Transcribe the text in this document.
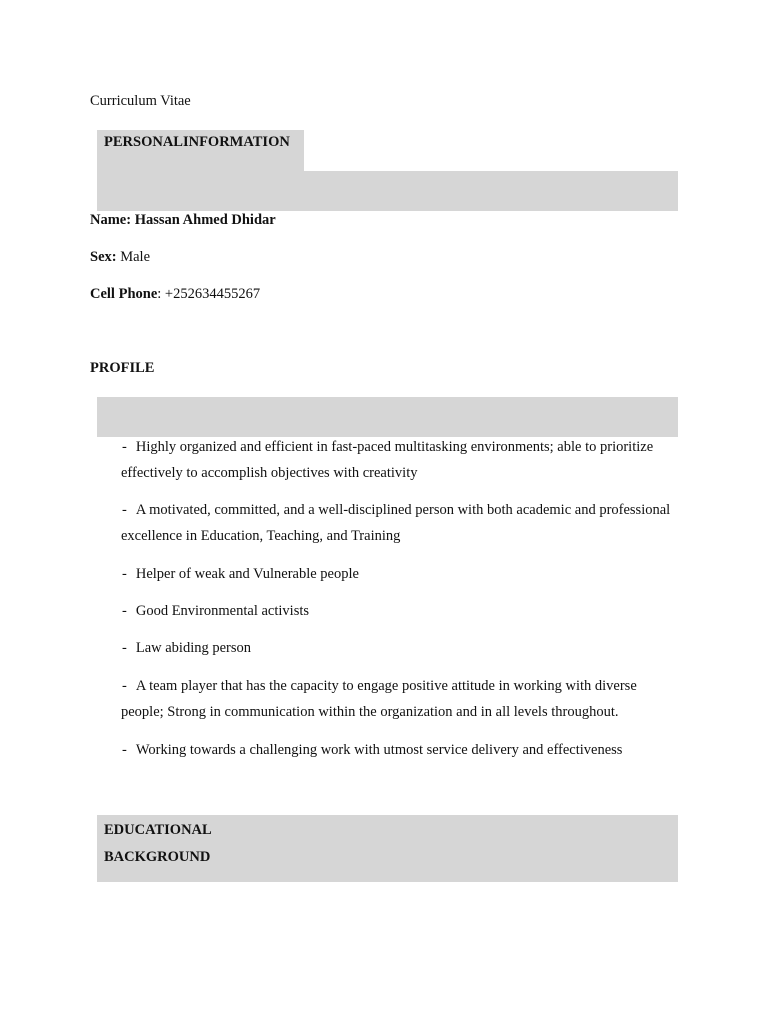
Curriculum Vitae
PERSONALINFORMATION
Name: Hassan Ahmed Dhidar
Sex: Male
Cell Phone: +252634455267
PROFILE
- Highly organized and efficient in fast-paced multitasking environments; able to prioritize effectively to accomplish objectives with creativity
- A motivated, committed, and a well-disciplined person with both academic and professional excellence in Education, Teaching, and Training
- Helper of weak and Vulnerable people
- Good Environmental activists
- Law abiding person
- A team player that has the capacity to engage positive attitude in working with diverse people; Strong in communication within the organization and in all levels throughout.
- Working towards a challenging work with utmost service delivery and effectiveness
EDUCATIONAL
BACKGROUND
